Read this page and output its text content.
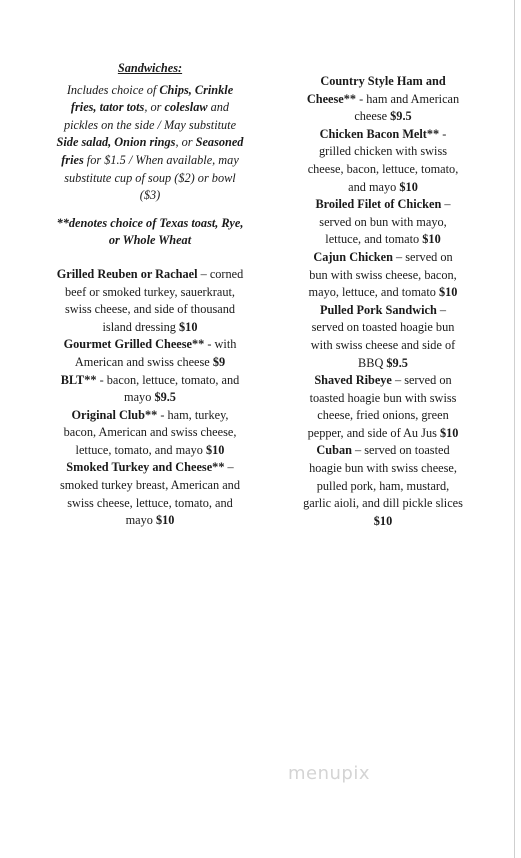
Sandwiches:
Includes choice of Chips, Crinkle fries, tator tots, or coleslaw and pickles on the side / May substitute Side salad, Onion rings, or Seasoned fries for $1.5 / When available, may substitute cup of soup ($2) or bowl ($3)
**denotes choice of Texas toast, Rye, or Whole Wheat
Grilled Reuben or Rachael – corned beef or smoked turkey, sauerkraut, swiss cheese, and side of thousand island dressing $10
Gourmet Grilled Cheese** - with American and swiss cheese $9
BLT** - bacon, lettuce, tomato, and mayo $9.5
Original Club** - ham, turkey, bacon, American and swiss cheese, lettuce, tomato, and mayo $10
Smoked Turkey and Cheese** – smoked turkey breast, American and swiss cheese, lettuce, tomato, and mayo $10
Country Style Ham and Cheese** - ham and American cheese $9.5
Chicken Bacon Melt** - grilled chicken with swiss cheese, bacon, lettuce, tomato, and mayo $10
Broiled Filet of Chicken – served on bun with mayo, lettuce, and tomato $10
Cajun Chicken – served on bun with swiss cheese, bacon, mayo, lettuce, and tomato $10
Pulled Pork Sandwich – served on toasted hoagie bun with swiss cheese and side of BBQ $9.5
Shaved Ribeye – served on toasted hoagie bun with swiss cheese, fried onions, green pepper, and side of Au Jus $10
Cuban – served on toasted hoagie bun with swiss cheese, pulled pork, ham, mustard, garlic aioli, and dill pickle slices $10
menupix
